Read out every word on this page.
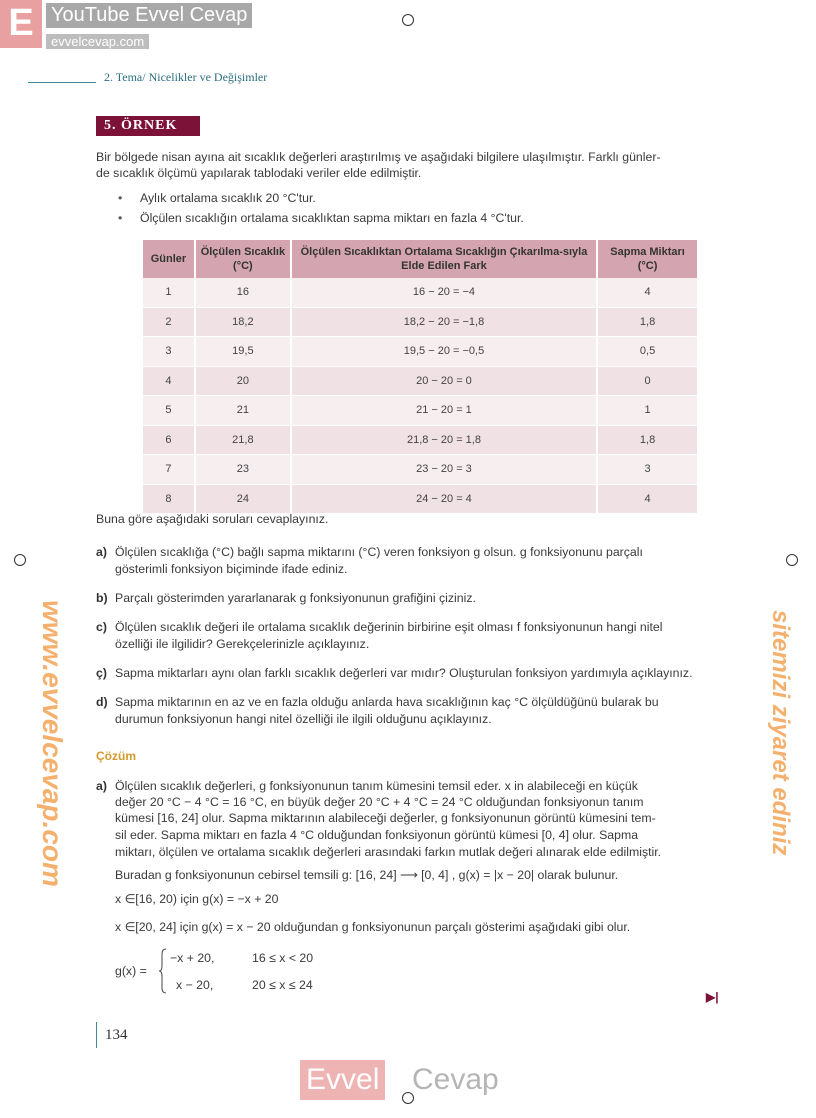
E YouTube Evvel Cevap
evvelcevap.com
2. Tema/ Nicelikler ve Değişimler
5. ÖRNEK
Bir bölgede nisan ayına ait sıcaklık değerleri araştırılmış ve aşağıdaki bilgilere ulaşılmıştır. Farklı günler-
de sıcaklık ölçümü yapılarak tablodaki veriler elde edilmiştir.
• Aylık ortalama sıcaklık 20 °C'tur.
• Ölçülen sıcaklığın ortalama sıcaklıktan sapma miktarı en fazla 4 °C'tur.
Günler	Ölçülen Sıcaklık (°C)	Ölçülen Sıcaklıktan Ortalama Sıcaklığın Çıkarılma-sıyla Elde Edilen Fark	Sapma Miktarı (°C)
1	16	16 − 20 = −4	4
2	18,2	18,2 − 20 = −1,8	1,8
3	19,5	19,5 − 20 = −0,5	0,5
4	20	20 − 20 = 0	0
5	21	21 − 20 = 1	1
6	21,8	21,8 − 20 = 1,8	1,8
7	23	23 − 20 = 3	3
8	24	24 − 20 = 4	4
Buna göre aşağıdaki soruları cevaplayınız.
a) Ölçülen sıcaklığa (°C) bağlı sapma miktarını (°C) veren fonksiyon g olsun. g fonksiyonunu parçalı
gösterimli fonksiyon biçiminde ifade ediniz.
b) Parçalı gösterimden yararlanarak g fonksiyonunun grafiğini çiziniz.
c) Ölçülen sıcaklık değeri ile ortalama sıcaklık değerinin birbirine eşit olması f fonksiyonunun hangi nitel
özelliği ile ilgilidir? Gerekçelerinizle açıklayınız.
ç) Sapma miktarları aynı olan farklı sıcaklık değerleri var mıdır? Oluşturulan fonksiyon yardımıyla açıklayınız.
d) Sapma miktarının en az ve en fazla olduğu anlarda hava sıcaklığının kaç °C ölçüldüğünü bularak bu
durumun fonksiyonun hangi nitel özelliği ile ilgili olduğunu açıklayınız.
Çözüm
a) Ölçülen sıcaklık değerleri, g fonksiyonunun tanım kümesini temsil eder. x in alabileceği en küçük
değer 20 °C − 4 °C = 16 °C, en büyük değer 20 °C + 4 °C = 24 °C olduğundan fonksiyonun tanım
kümesi [16, 24] olur. Sapma miktarının alabileceği değerler, g fonksiyonunun görüntü kümesini tem-
sil eder. Sapma miktarı en fazla 4 °C olduğundan fonksiyonun görüntü kümesi [0, 4] olur. Sapma
miktarı, ölçülen ve ortalama sıcaklık değerleri arasındaki farkın mutlak değeri alınarak elde edilmiştir.
Buradan g fonksiyonunun cebirsel temsili g: [16, 24] ⟶ [0, 4] , g(x) = |x − 20| olarak bulunur.
x ∈[16, 20) için g(x) = −x + 20
x ∈[20, 24] için g(x) = x − 20 olduğundan g fonksiyonunun parçalı gösterimi aşağıdaki gibi olur.
g(x) =
−x + 20,	16 ≤ x < 20
x − 20,	20 ≤ x ≤ 24
▶|
134
www.evvelcevap.com	sitemizi ziyaret ediniz
Evvel Cevap
